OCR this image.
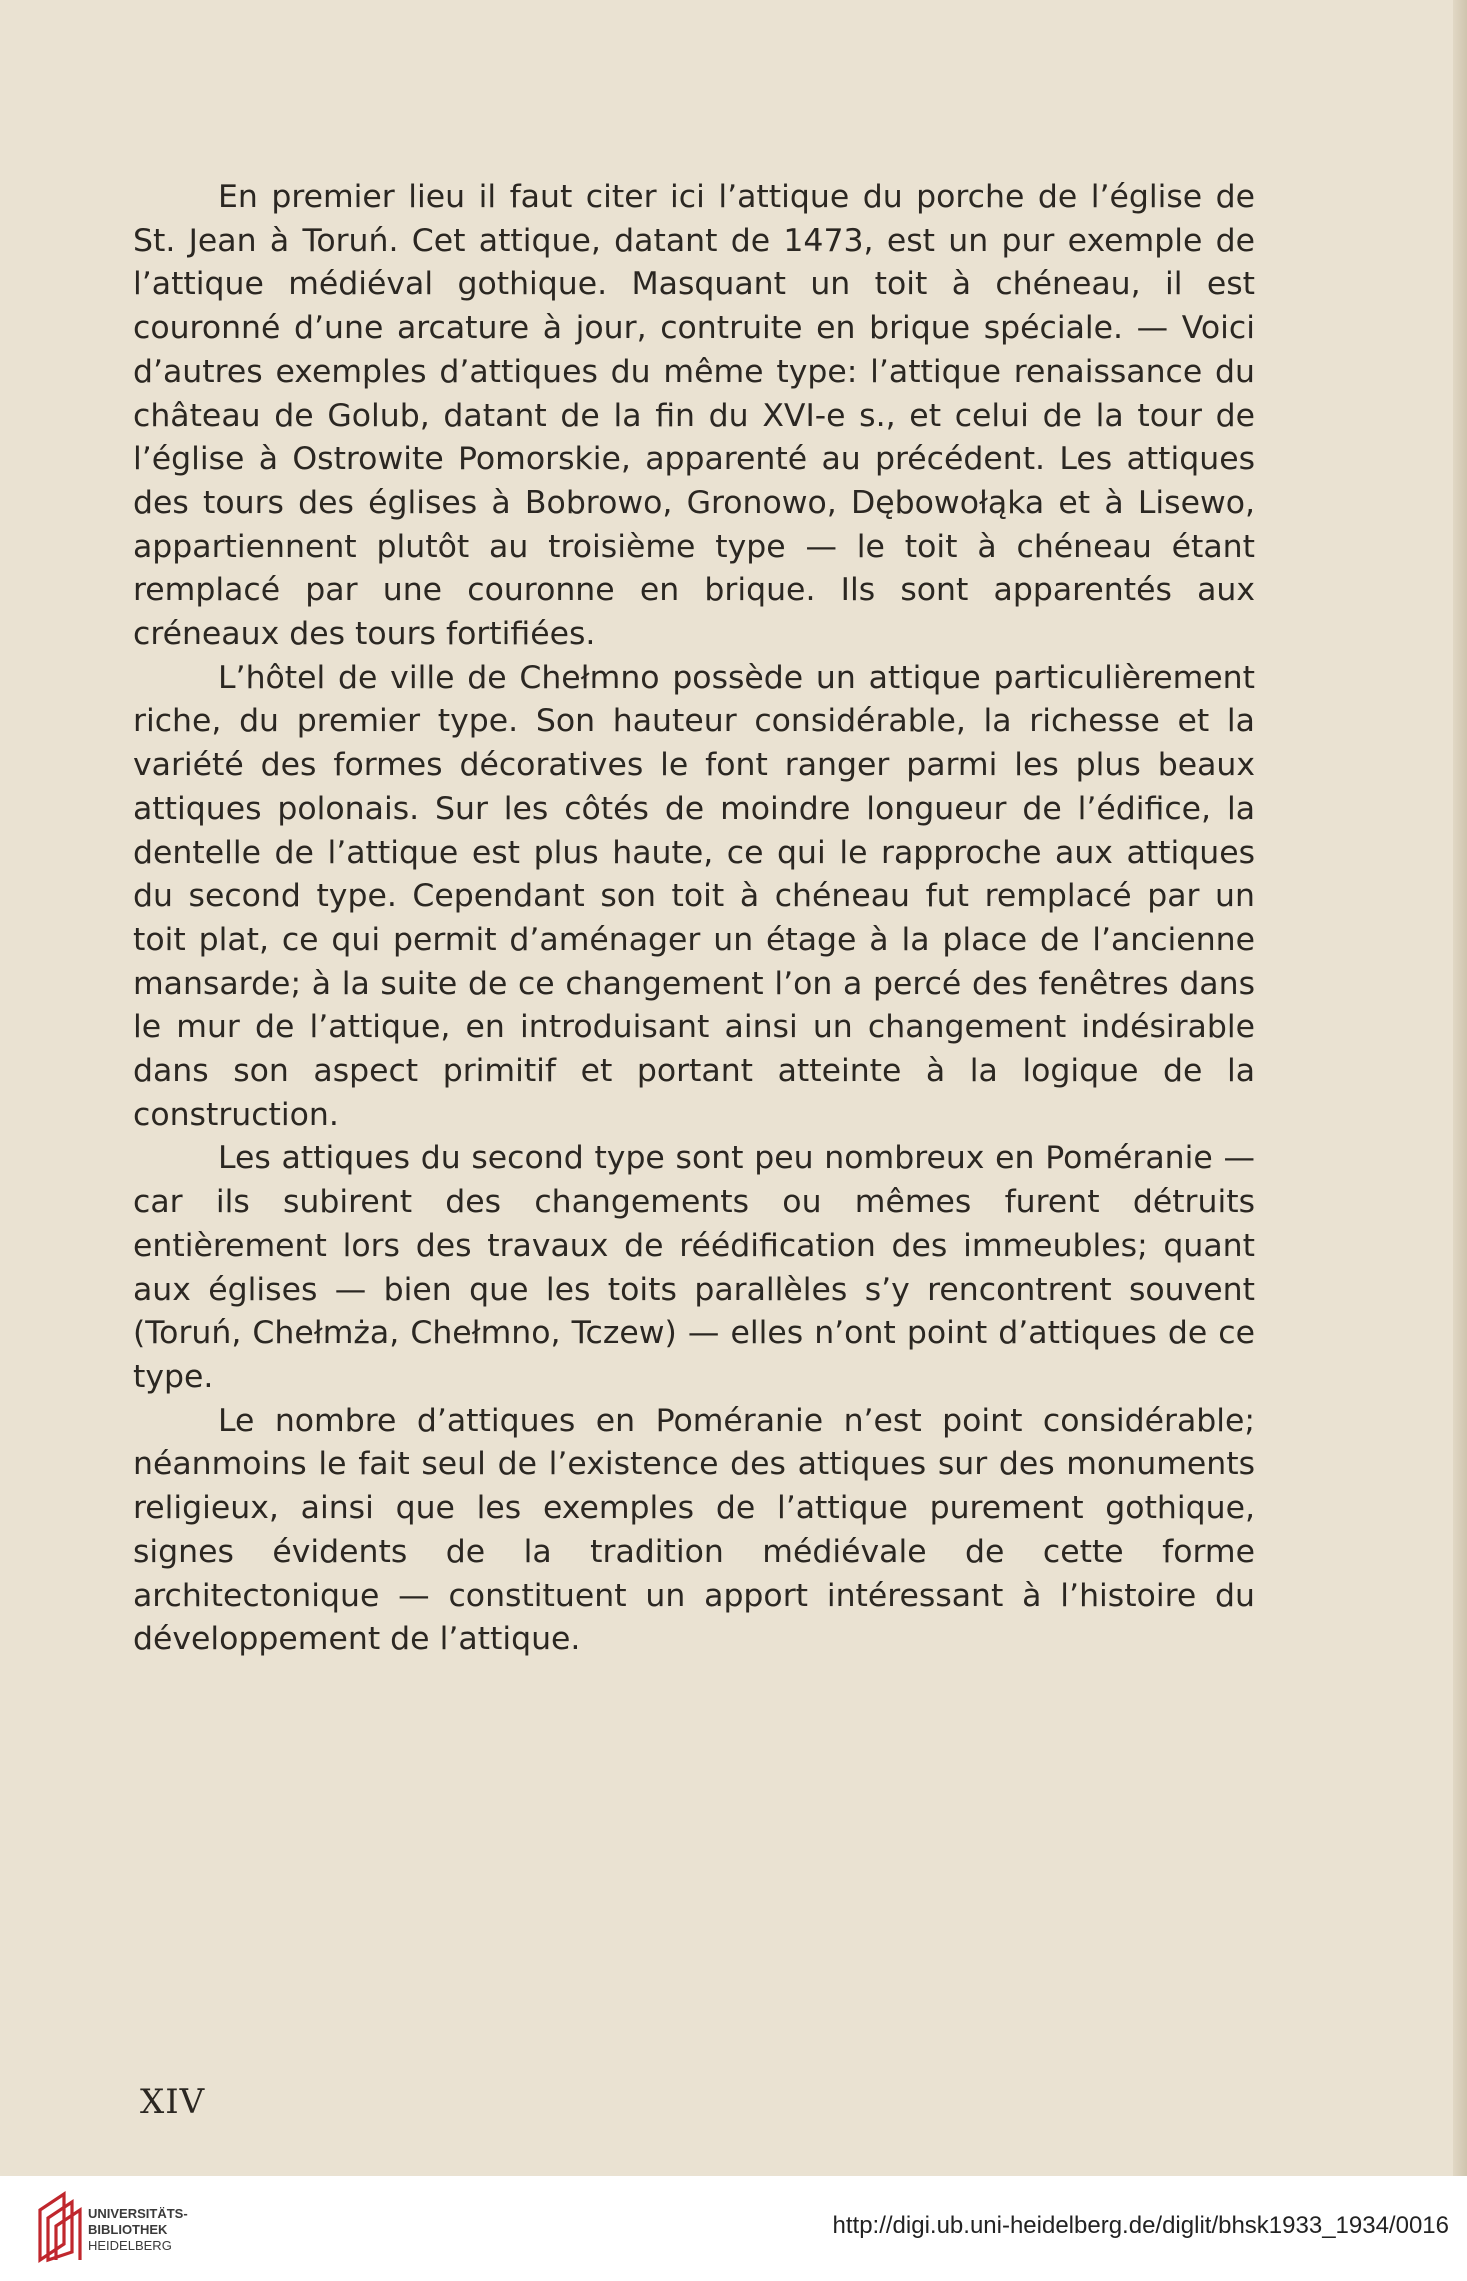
En premier lieu il faut citer ici l’attique du porche de l’église de St. Jean à Toruń. Cet attique, datant de 1473, est un pur exemple de l’attique médiéval gothique. Masquant un toit à chéneau, il est couronné d’une arcature à jour, contruite en brique spéciale. — Voici d’autres exemples d’attiques du même type: l’attique renaissance du château de Golub, datant de la fin du XVI-e s., et celui de la tour de l’église à Ostrowite Pomorskie, apparenté au précédent. Les attiques des tours des églises à Bobrowo, Gronowo, Dębowołąka et à Lisewo, appartiennent plutôt au troisième type — le toit à chéneau étant remplacé par une couronne en brique. Ils sont apparentés aux créneaux des tours fortifiées.

L’hôtel de ville de Chełmno possède un attique particulièrement riche, du premier type. Son hauteur considérable, la richesse et la variété des formes décoratives le font ranger parmi les plus beaux attiques polonais. Sur les côtés de moindre longueur de l’édifice, la dentelle de l’attique est plus haute, ce qui le rapproche aux attiques du second type. Cependant son toit à chéneau fut remplacé par un toit plat, ce qui permit d’aménager un étage à la place de l’ancienne mansarde; à la suite de ce changement l’on a percé des fenêtres dans le mur de l’attique, en introduisant ainsi un changement indésirable dans son aspect primitif et portant atteinte à la logique de la construction.

Les attiques du second type sont peu nombreux en Poméranie — car ils subirent des changements ou mêmes furent détruits entièrement lors des travaux de réédification des immeubles; quant aux églises — bien que les toits parallèles s’y rencontrent souvent (Toruń, Chełmża, Chełmno, Tczew) — elles n’ont point d’attiques de ce type.

Le nombre d’attiques en Poméranie n’est point considérable; néanmoins le fait seul de l’existence des attiques sur des monuments religieux, ainsi que les exemples de l’attique purement gothique, signes évidents de la tradition médiévale de cette forme architectonique — constituent un apport intéressant à l’histoire du développement de l’attique.

XIV
UNIVERSITÄTS-
BIBLIOTHEK
HEIDELBERG
http://digi.ub.uni-heidelberg.de/diglit/bhsk1933_1934/0016
